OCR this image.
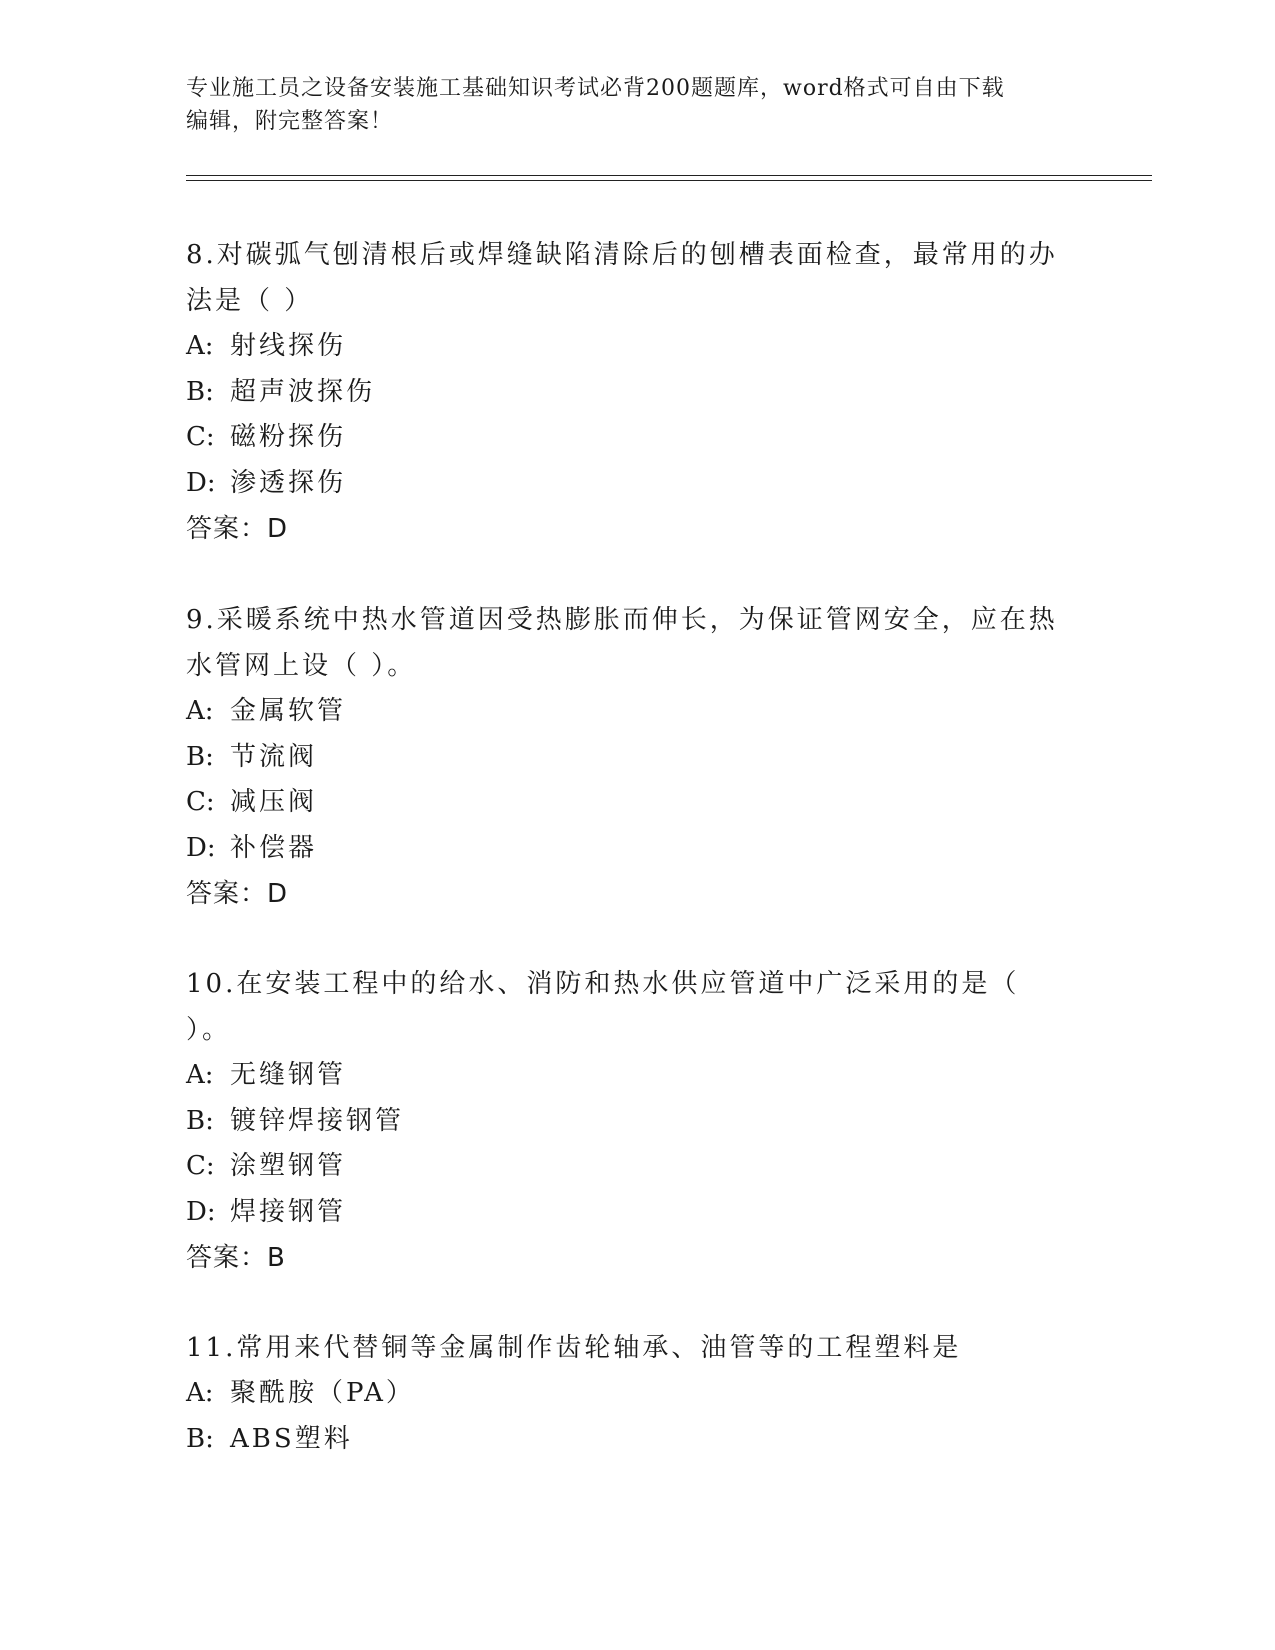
专业施工员之设备安装施工基础知识考试必背200题题库，word格式可自由下载
编辑，附完整答案！

8.对碳弧气刨清根后或焊缝缺陷清除后的刨槽表面检查，最常用的办法是（ ）

A: 射线探伤
B: 超声波探伤
C: 磁粉探伤
D: 渗透探伤
答案：D

9.采暖系统中热水管道因受热膨胀而伸长，为保证管网安全，应在热水管网上设（ ）。

A: 金属软管
B: 节流阀
C: 减压阀
D: 补偿器
答案：D

10.在安装工程中的给水、消防和热水供应管道中广泛采用的是（ ）。

A: 无缝钢管
B: 镀锌焊接钢管
C: 涂塑钢管
D: 焊接钢管
答案：B

11.常用来代替铜等金属制作齿轮轴承、油管等的工程塑料是

A: 聚酰胺（PA）
B: ABS塑料
